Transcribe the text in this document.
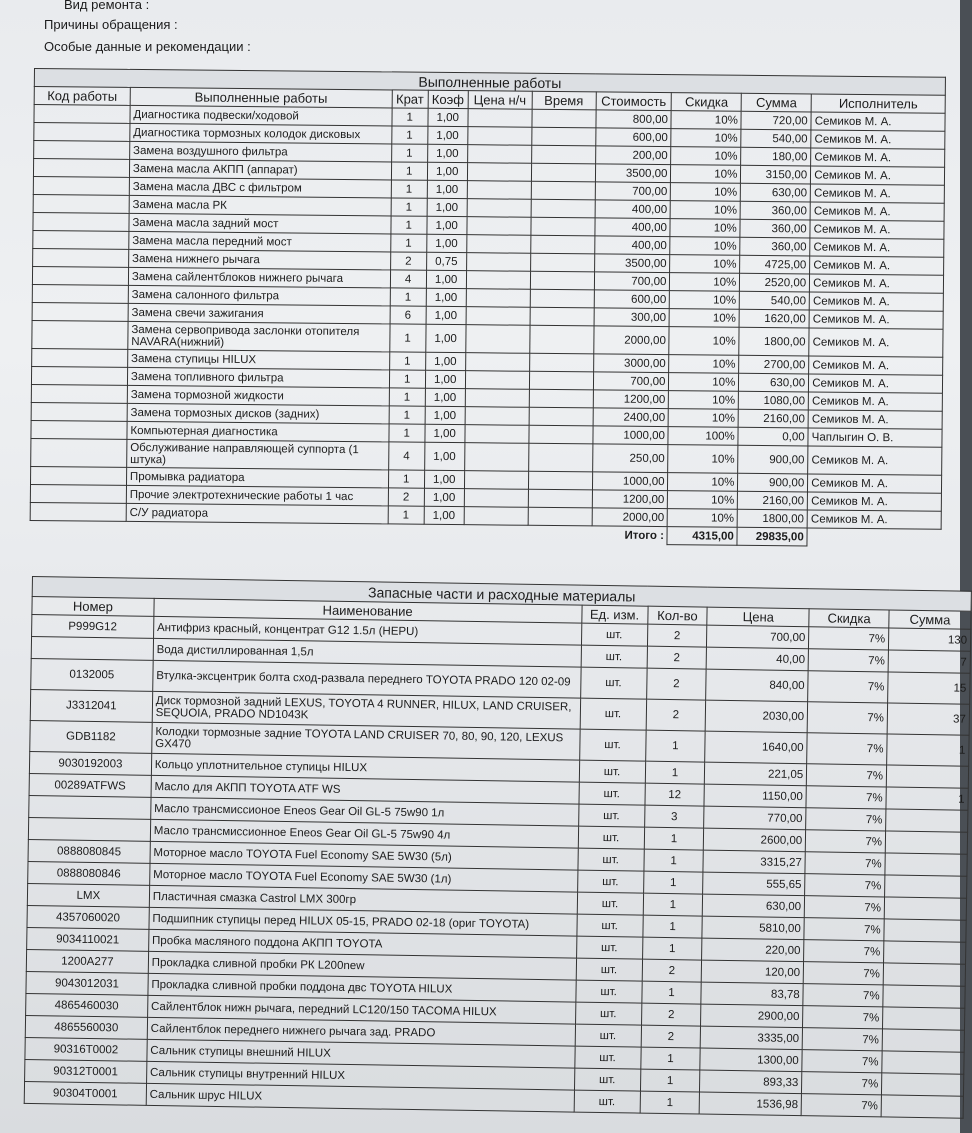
Вид ремонта :
Причины обращения :
Особые данные и рекомендации :
Выполненные работы									
Код работы	Выполненные работы	Крат	Коэф	Цена н/ч	Время	Стоимость	Скидка	Сумма	Исполнитель
	Диагностика подвески/ходовой	1	1,00			800,00	10%	720,00	Семиков М. А.
	Диагностика тормозных колодок дисковых	1	1,00			600,00	10%	540,00	Семиков М. А.
	Замена воздушного фильтра	1	1,00			200,00	10%	180,00	Семиков М. А.
	Замена масла АКПП (аппарат)	1	1,00			3500,00	10%	3150,00	Семиков М. А.
	Замена масла ДВС с фильтром	1	1,00			700,00	10%	630,00	Семиков М. А.
	Замена масла РК	1	1,00			400,00	10%	360,00	Семиков М. А.
	Замена масла задний мост	1	1,00			400,00	10%	360,00	Семиков М. А.
	Замена масла передний мост	1	1,00			400,00	10%	360,00	Семиков М. А.
	Замена нижнего рычага	2	0,75			3500,00	10%	4725,00	Семиков М. А.
	Замена сайлентблоков нижнего рычага	4	1,00			700,00	10%	2520,00	Семиков М. А.
	Замена салонного фильтра	1	1,00			600,00	10%	540,00	Семиков М. А.
	Замена свечи зажигания	6	1,00			300,00	10%	1620,00	Семиков М. А.
	Замена сервопривода заслонки отопителя NAVARA(нижний)	1	1,00			2000,00	10%	1800,00	Семиков М. А.
	Замена ступицы HILUX	1	1,00			3000,00	10%	2700,00	Семиков М. А.
	Замена топливного фильтра	1	1,00			700,00	10%	630,00	Семиков М. А.
	Замена тормозной жидкости	1	1,00			1200,00	10%	1080,00	Семиков М. А.
	Замена тормозных дисков (задних)	1	1,00			2400,00	10%	2160,00	Семиков М. А.
	Компьютерная диагностика	1	1,00			1000,00	100%	0,00	Чаплыгин О. В.
	Обслуживание направляющей суппорта (1 штука)	4	1,00			250,00	10%	900,00	Семиков М. А.
	Промывка радиатора	1	1,00			1000,00	10%	900,00	Семиков М. А.
	Прочие электротехнические работы 1 час	2	1,00			1200,00	10%	2160,00	Семиков М. А.
	С/У радиатора	1	1,00			2000,00	10%	1800,00	Семиков М. А.
Итого :							4315,00	29835,00	
Запасные части и расходные материалы						
Номер	Наименование	Ед. изм.	Кол-во	Цена	Скидка	Сумма
P999G12	Антифриз красный, концентрат G12 1.5л (HEPU)	шт.	2	700,00	7%	130
	Вода дистиллированная 1,5л	шт.	2	40,00	7%	7
0132005	Втулка-эксцентрик болта сход-развала переднего TOYOTA PRADO 120 02-09	шт.	2	840,00	7%	15
J3312041	Диск тормозной задний LEXUS, TOYOTA 4 RUNNER, HILUX, LAND CRUISER, SEQUOIA, PRADO ND1043K	шт.	2	2030,00	7%	37
GDB1182	Колодки тормозные задние TOYOTA LAND CRUISER 70, 80, 90, 120, LEXUS GX470	шт.	1	1640,00	7%	1
9030192003	Кольцо уплотнительное ступицы HILUX	шт.	1	221,05	7%	
00289ATFWS	Масло для АКПП TOYOTA ATF WS	шт.	12	1150,00	7%	1
	Масло трансмиссионое Eneos Gear Oil GL-5 75w90 1л	шт.	3	770,00	7%	
	Масло трансмиссионное Eneos Gear Oil GL-5 75w90 4л	шт.	1	2600,00	7%	
0888080845	Моторное масло TOYOTA Fuel Economy SAE 5W30 (5л)	шт.	1	3315,27	7%	
0888080846	Моторное масло TOYOTA Fuel Economy SAE 5W30 (1л)	шт.	1	555,65	7%	
LMX	Пластичная смазка Castrol LMX 300гр	шт.	1	630,00	7%	
4357060020	Подшипник ступицы перед HILUX 05-15, PRADO 02-18 (ориг TOYOTA)	шт.	1	5810,00	7%	
9034110021	Пробка масляного поддона АКПП TOYOTA	шт.	1	220,00	7%	
1200A277	Прокладка сливной пробки РК L200new	шт.	2	120,00	7%	
9043012031	Прокладка сливной пробки поддона двс TOYOTA HILUX	шт.	1	83,78	7%	
4865460030	Сайлентблок нижн рычага, передний LC120/150 TACOMA HILUX	шт.	2	2900,00	7%	
4865560030	Сайлентблок переднего нижнего рычага зад. PRADO	шт.	2	3335,00	7%	
90316T0002	Сальник ступицы внешний HILUX	шт.	1	1300,00	7%	
90312T0001	Сальник ступицы внутренний HILUX	шт.	1	893,33	7%	
90304T0001	Сальник шрус HILUX	шт.	1	1536,98	7%	
